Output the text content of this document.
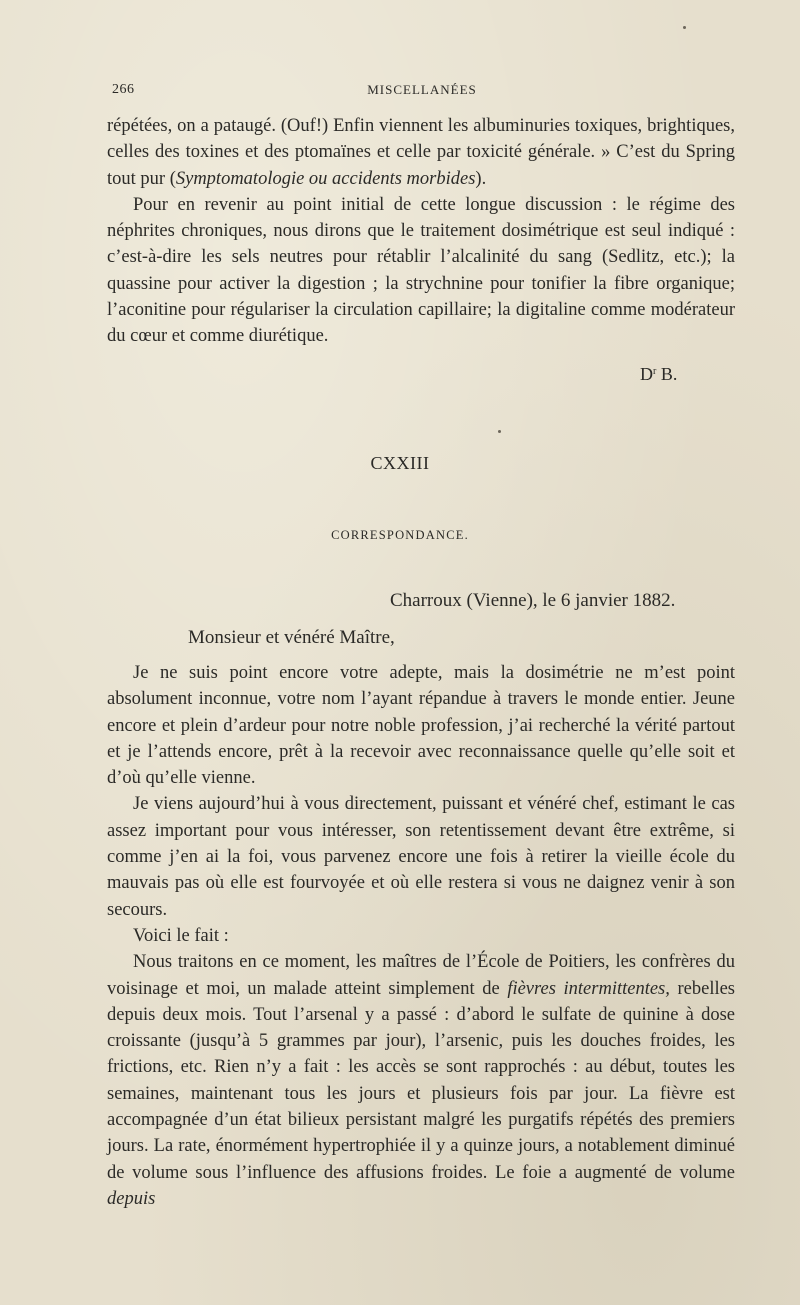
266	MISCELLANÉES

répétées, on a pataugé. (Ouf!) Enfin viennent les albuminuries toxiques, brightiques, celles des toxines et des ptomaïnes et celle par toxicité générale. » C’est du Spring tout pur (Symptomatologie ou accidents morbides).

Pour en revenir au point initial de cette longue discussion : le régime des néphrites chroniques, nous dirons que le traitement dosimétrique est seul indiqué : c’est-à-dire les sels neutres pour rétablir l’alcalinité du sang (Sedlitz, etc.); la quassine pour activer la digestion ; la strychnine pour tonifier la fibre organique; l’aconitine pour régulariser la circulation capillaire; la digitaline comme modérateur du cœur et comme diurétique.

$D^r$ B.
CXXIII
CORRESPONDANCE.
Charroux (Vienne), le 6 janvier 1882.
Monsieur et vénéré Maître,

Je ne suis point encore votre adepte, mais la dosimétrie ne m’est point absolument inconnue, votre nom l’ayant répandue à travers le monde entier. Jeune encore et plein d’ardeur pour notre noble profession, j’ai recherché la vérité partout et je l’attends encore, prêt à la recevoir avec reconnaissance quelle qu’elle soit et d’où qu’elle vienne.

Je viens aujourd’hui à vous directement, puissant et vénéré chef, estimant le cas assez important pour vous intéresser, son retentissement devant être extrême, si comme j’en ai la foi, vous parvenez encore une fois à retirer la vieille école du mauvais pas où elle est fourvoyée et où elle restera si vous ne daignez venir à son secours.

Voici le fait :

Nous traitons en ce moment, les maîtres de l’École de Poitiers, les confrères du voisinage et moi, un malade atteint simplement de fièvres intermittentes, rebelles depuis deux mois. Tout l’arsenal y a passé : d’abord le sulfate de quinine à dose croissante (jusqu’à 5 grammes par jour), l’arsenic, puis les douches froides, les frictions, etc. Rien n’y a fait : les accès se sont rapprochés : au début, toutes les semaines, maintenant tous les jours et plusieurs fois par jour. La fièvre est accompagnée d’un état bilieux persistant malgré les purgatifs répétés des premiers jours. La rate, énormément hypertrophiée il y a quinze jours, a notablement diminué de volume sous l’influence des affusions froides. Le foie a augmenté de volume depuis
